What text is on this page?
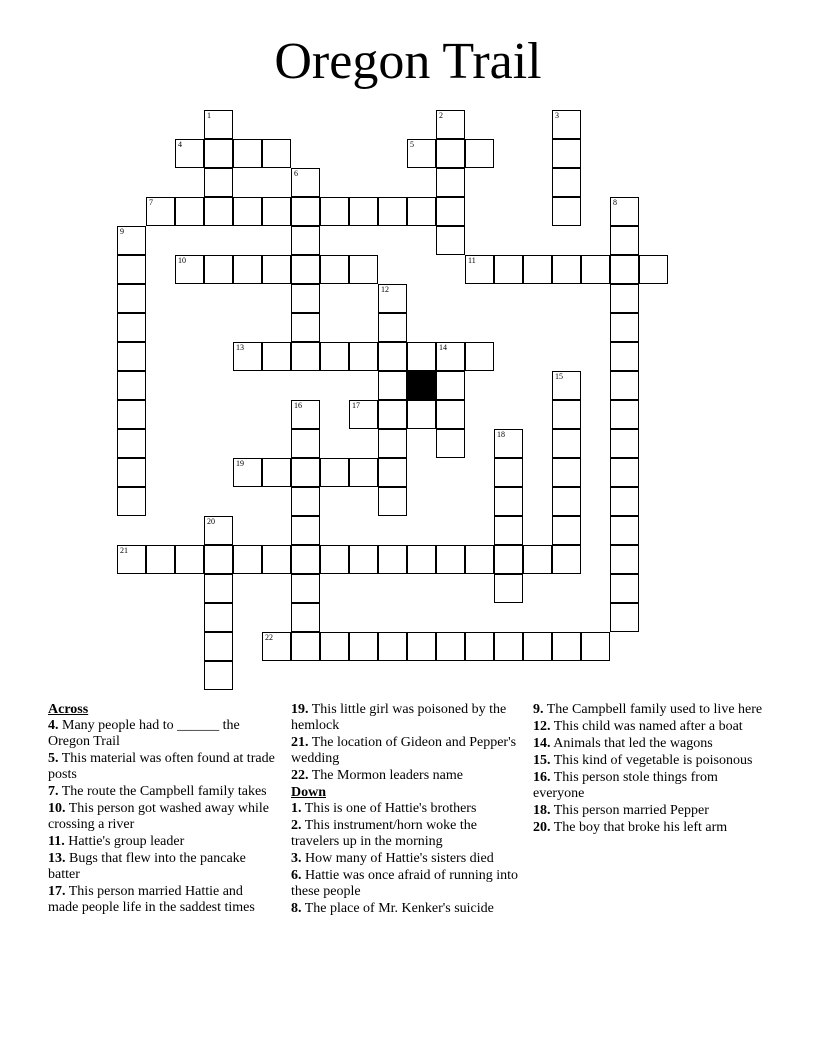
Oregon Trail
4	5
7
10	11
13	14
17
19
21
22
1	2	3
6
8
9
12
15
16
18
20
Across
4. Many people had to ______ the Oregon Trail
5. This material was often found at trade posts
7. The route the Campbell family takes
10. This person got washed away while crossing a river
11. Hattie's group leader
13. Bugs that flew into the pancake batter
17. This person married Hattie and made people life in the saddest times
19. This little girl was poisoned by the hemlock
21. The location of Gideon and Pepper's wedding
22. The Mormon leaders name
Down
1. This is one of Hattie's brothers
2. This instrument/horn woke the travelers up in the morning
3. How many of Hattie's sisters died
6. Hattie was once afraid of running into these people
8. The place of Mr. Kenker's suicide
9. The Campbell family used to live here
12. This child was named after a boat
14. Animals that led the wagons
15. This kind of vegetable is poisonous
16. This person stole things from everyone
18. This person married Pepper
20. The boy that broke his left arm
